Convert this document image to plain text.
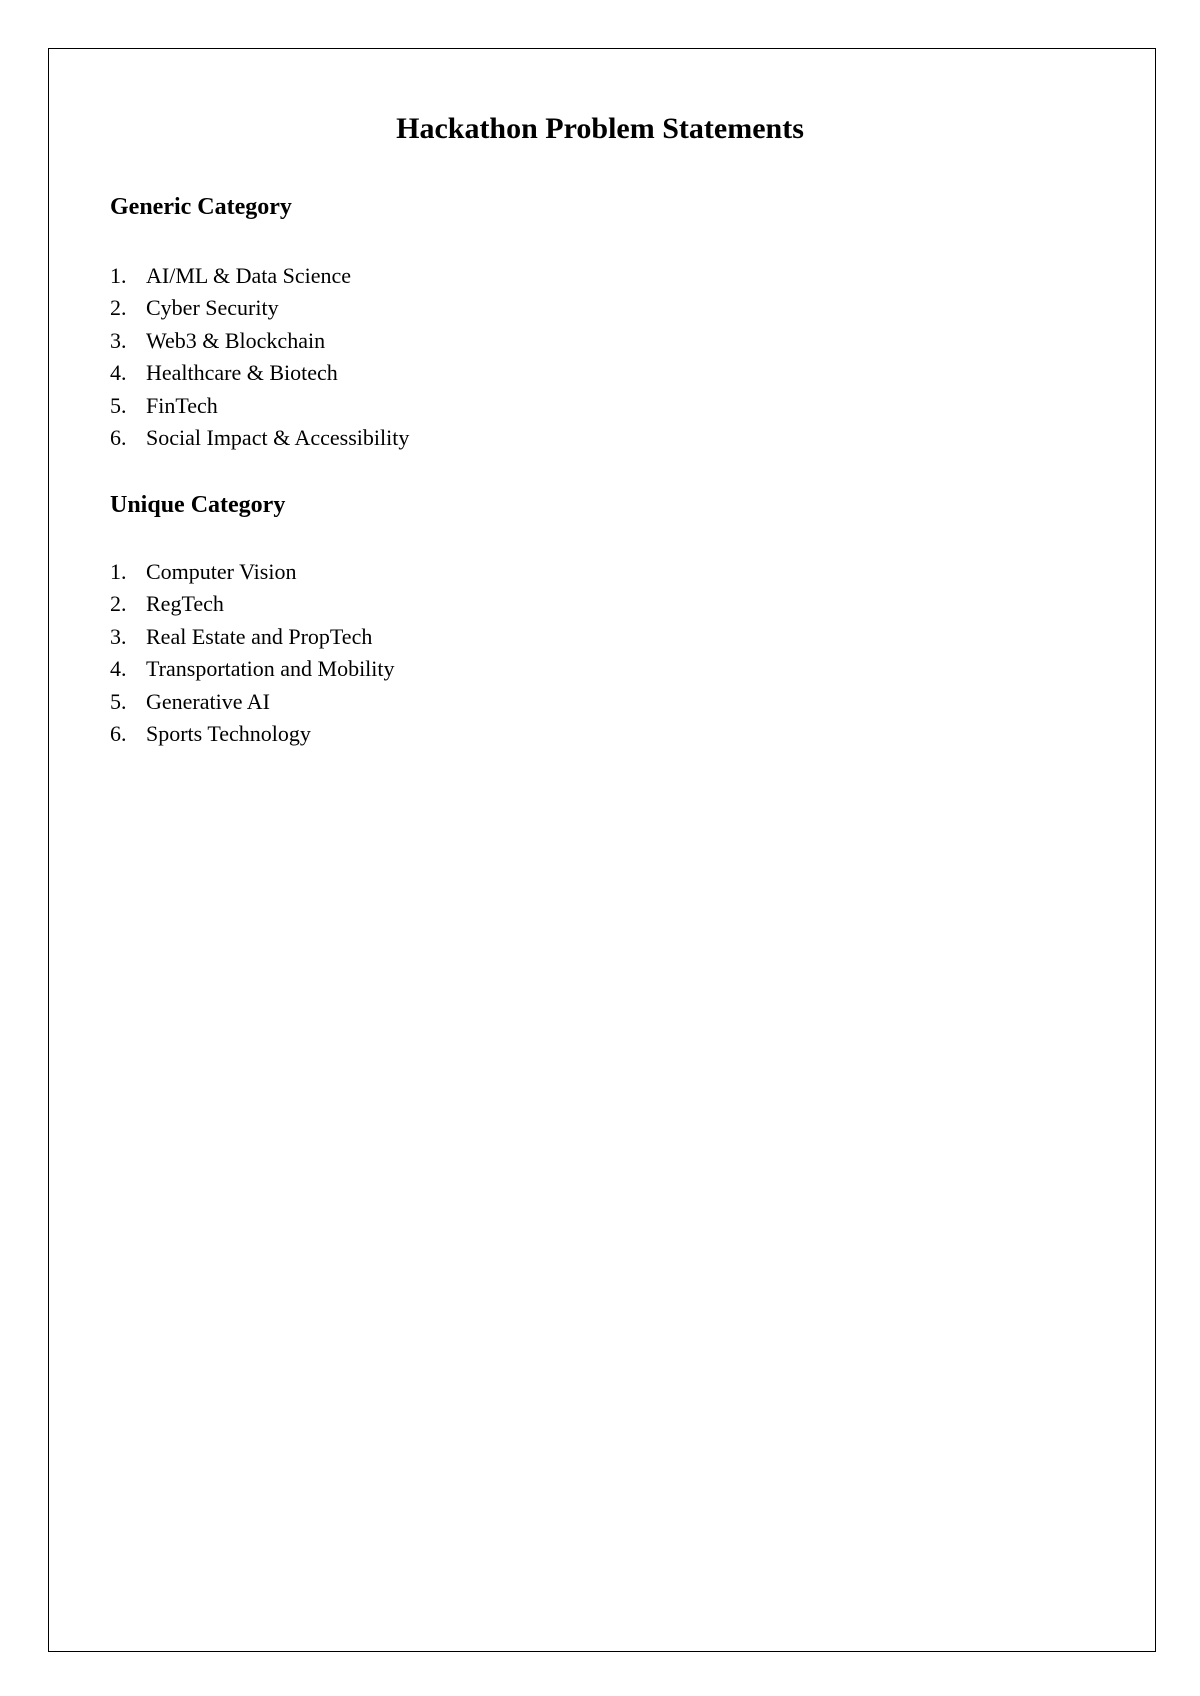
Hackathon Problem Statements
Generic Category
1. AI/ML & Data Science
2. Cyber Security
3. Web3 & Blockchain
4. Healthcare & Biotech
5. FinTech
6. Social Impact & Accessibility
Unique Category
1. Computer Vision
2. RegTech
3. Real Estate and PropTech
4. Transportation and Mobility
5. Generative AI
6. Sports Technology
